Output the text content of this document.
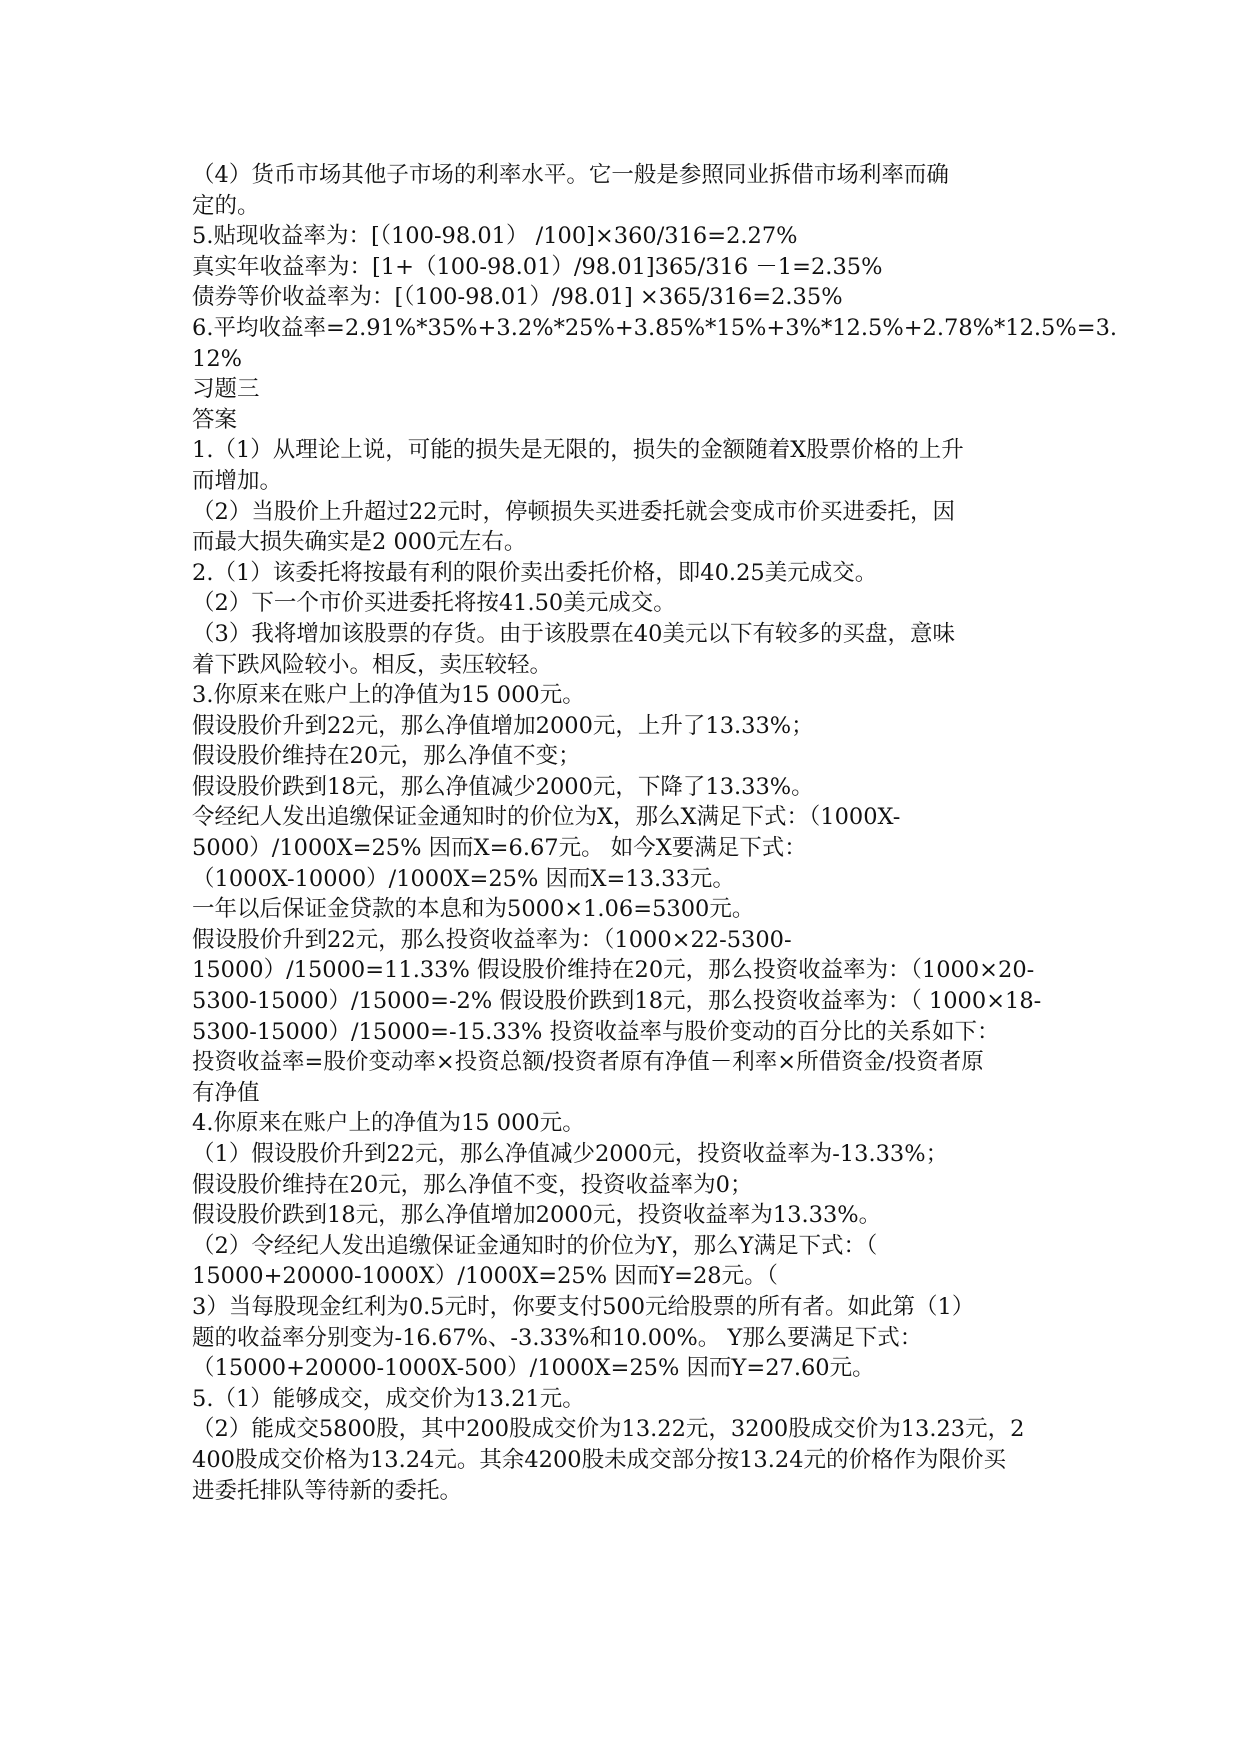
（4）货币市场其他子市场的利率水平。它一般是参照同业拆借市场利率而确
定的。
5.贴现收益率为：[（100-98.01） /100]×360/316=2.27%
真实年收益率为：[1+（100-98.01）/98.01]365/316 －1=2.35%
债券等价收益率为：[（100-98.01）/98.01] ×365/316=2.35%
6.平均收益率=2.91%*35%+3.2%*25%+3.85%*15%+3%*12.5%+2.78%*12.5%=3.
12%
习题三
答案
1.（1）从理论上说，可能的损失是无限的，损失的金额随着X股票价格的上升
而增加。
（2）当股价上升超过22元时，停顿损失买进委托就会变成市价买进委托，因
而最大损失确实是2 000元左右。
2.（1）该委托将按最有利的限价卖出委托价格，即40.25美元成交。
（2）下一个市价买进委托将按41.50美元成交。
（3）我将增加该股票的存货。由于该股票在40美元以下有较多的买盘，意味
着下跌风险较小。相反，卖压较轻。
3.你原来在账户上的净值为15 000元。
假设股价升到22元，那么净值增加2000元，上升了13.33%；
假设股价维持在20元，那么净值不变；
假设股价跌到18元，那么净值减少2000元，下降了13.33%。
令经纪人发出追缴保证金通知时的价位为X，那么X满足下式：（1000X-
5000）/1000X=25% 因而X=6.67元。 如今X要满足下式：
（1000X-10000）/1000X=25% 因而X=13.33元。
一年以后保证金贷款的本息和为5000×1.06=5300元。
假设股价升到22元，那么投资收益率为：（1000×22-5300-
15000）/15000=11.33% 假设股价维持在20元，那么投资收益率为：（1000×20-
5300-15000）/15000=-2% 假设股价跌到18元，那么投资收益率为：（ 1000×18-
5300-15000）/15000=-15.33% 投资收益率与股价变动的百分比的关系如下：
投资收益率=股价变动率×投资总额/投资者原有净值－利率×所借资金/投资者原
有净值
4.你原来在账户上的净值为15 000元。
（1）假设股价升到22元，那么净值减少2000元，投资收益率为-13.33%；
假设股价维持在20元，那么净值不变，投资收益率为0；
假设股价跌到18元，那么净值增加2000元，投资收益率为13.33%。
（2）令经纪人发出追缴保证金通知时的价位为Y，那么Y满足下式：（
15000+20000-1000X）/1000X=25% 因而Y=28元。（
3）当每股现金红利为0.5元时，你要支付500元给股票的所有者。如此第（1）
题的收益率分别变为-16.67%、-3.33%和10.00%。 Y那么要满足下式：
（15000+20000-1000X-500）/1000X=25% 因而Y=27.60元。
5.（1）能够成交，成交价为13.21元。
（2）能成交5800股，其中200股成交价为13.22元，3200股成交价为13.23元，2
400股成交价格为13.24元。其余4200股未成交部分按13.24元的价格作为限价买
进委托排队等待新的委托。
